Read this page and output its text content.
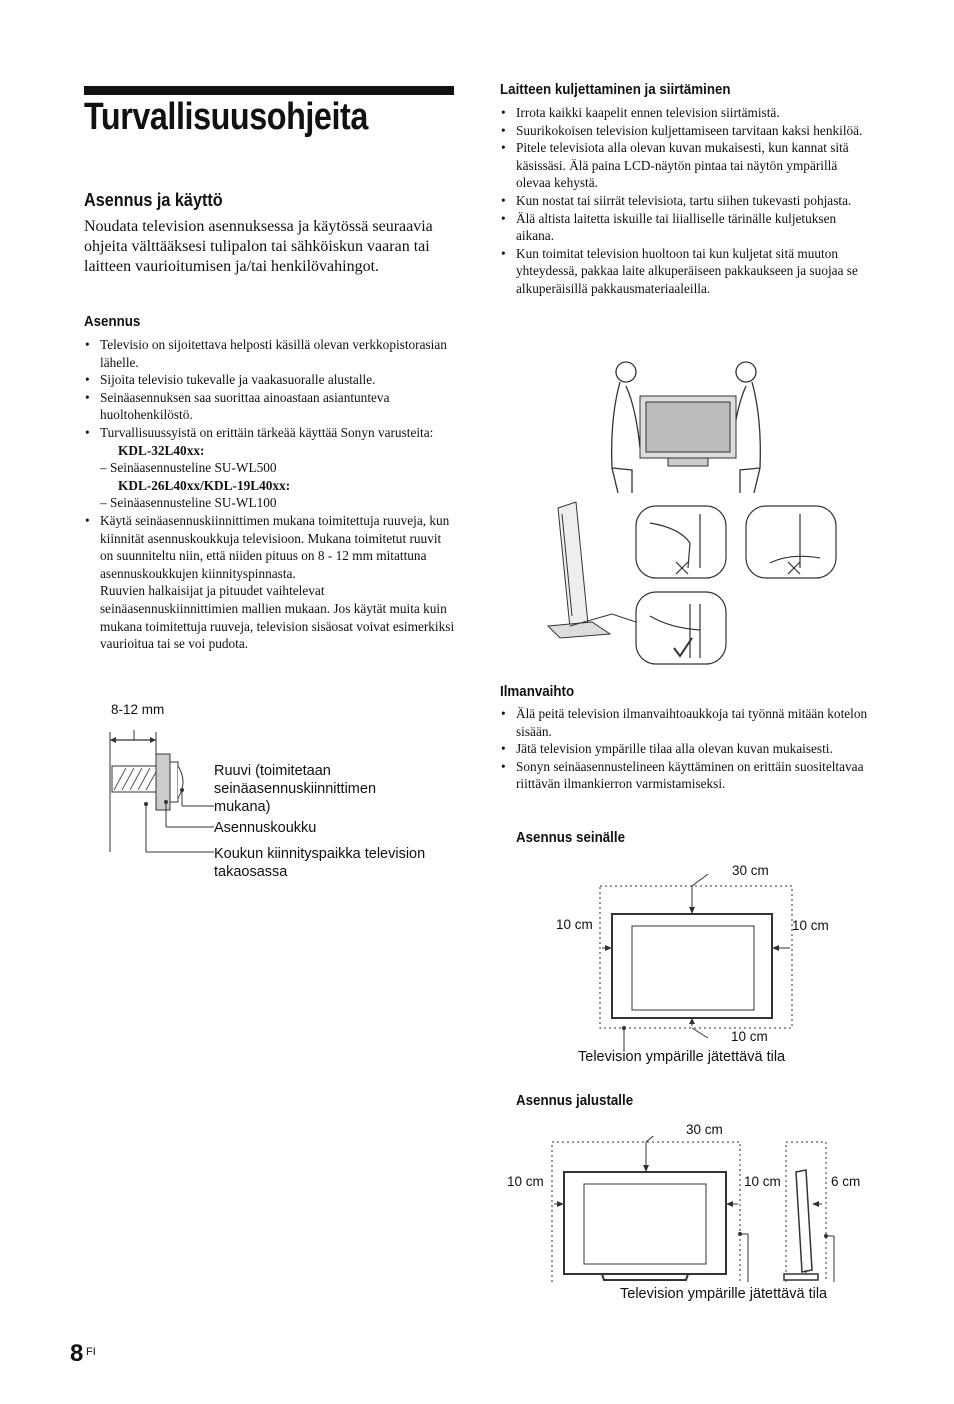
Turvallisuusohjeita
Asennus ja käyttö
Noudata television asennuksessa ja käytössä seuraavia ohjeita välttääksesi tulipalon tai sähköiskun vaaran tai laitteen vaurioitumisen ja/tai henkilövahingot.
Asennus
• Televisio on sijoitettava helposti käsillä olevan verkkopistorasian lähelle.
• Sijoita televisio tukevalle ja vaakasuoralle alustalle.
• Seinäasennuksen saa suorittaa ainoastaan asiantunteva huoltohenkilöstö.
• Turvallisuussyistä on erittäin tärkeää käyttää Sonyn varusteita:
KDL-32L40xx:
– Seinäasennusteline SU-WL500
KDL-26L40xx/KDL-19L40xx:
– Seinäasennusteline SU-WL100
• Käytä seinäasennuskiinnittimen mukana toimitettuja ruuveja, kun kiinnität asennuskoukkuja televisioon. Mukana toimitetut ruuvit on suunniteltu niin, että niiden pituus on 8 - 12 mm mitattuna asennuskoukkujen kiinnityspinnasta.
Ruuvien halkaisijat ja pituudet vaihtelevat seinäasennuskiinnittimien mallien mukaan. Jos käytät muita kuin mukana toimitettuja ruuveja, television sisäosat voivat esimerkiksi vaurioitua tai se voi pudota.
8-12 mm
Ruuvi (toimitetaan seinäasennuskiinnittimen mukana)
Asennuskoukku
Koukun kiinnityspaikka television takaosassa
Laitteen kuljettaminen ja siirtäminen
• Irrota kaikki kaapelit ennen television siirtämistä.
• Suurikokoisen television kuljettamiseen tarvitaan kaksi henkilöä.
• Pitele televisiota alla olevan kuvan mukaisesti, kun kannat sitä käsissäsi. Älä paina LCD-näytön pintaa tai näytön ympärillä olevaa kehystä.
• Kun nostat tai siirrät televisiota, tartu siihen tukevasti pohjasta.
• Älä altista laitetta iskuille tai liialliselle tärinälle kuljetuksen aikana.
• Kun toimitat television huoltoon tai kun kuljetat sitä muuton yhteydessä, pakkaa laite alkuperäiseen pakkaukseen ja suojaa se alkuperäisillä pakkausmateriaaleilla.
Ilmanvaihto
• Älä peitä television ilmanvaihtoaukkoja tai työnnä mitään kotelon sisään.
• Jätä television ympärille tilaa alla olevan kuvan mukaisesti.
• Sonyn seinäasennustelineen käyttäminen on erittäin suositeltavaa riittävän ilmankierron varmistamiseksi.
Asennus seinälle
30 cm
10 cm	10 cm
10 cm
Television ympärille jätettävä tila
Asennus jalustalle
30 cm
10 cm	10 cm	6 cm
Television ympärille jätettävä tila
8 FI
